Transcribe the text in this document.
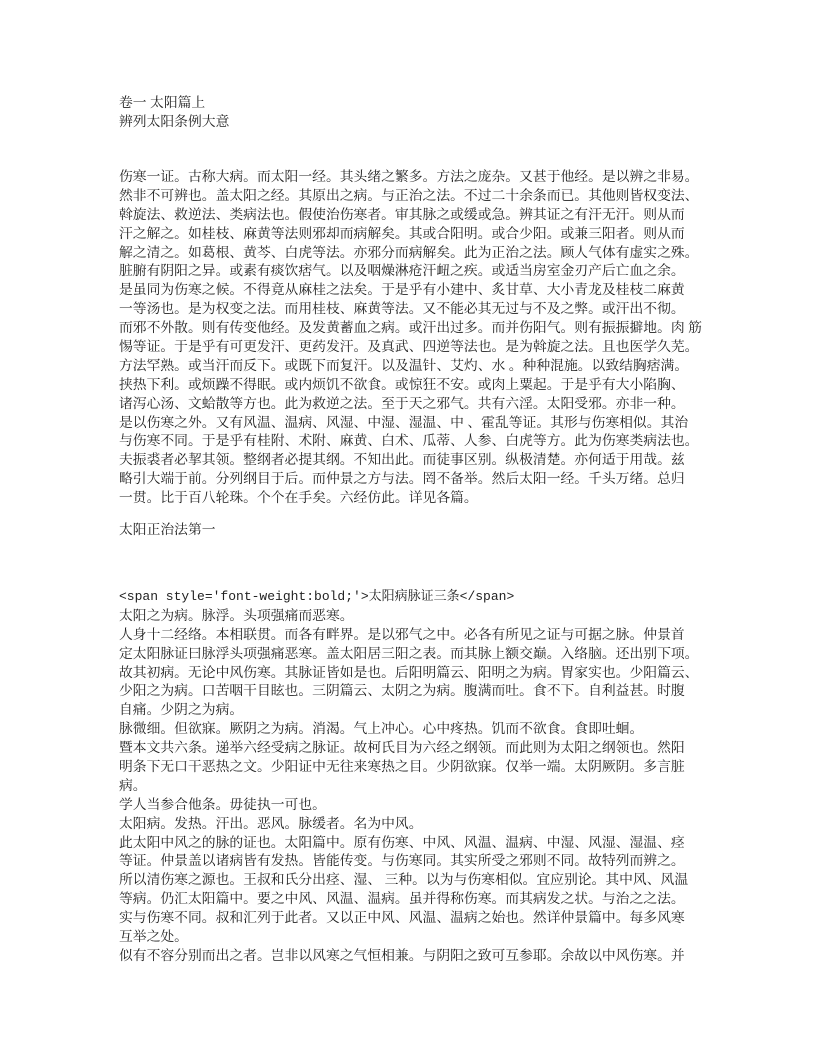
卷一 太阳篇上
辨列太阳条例大意
伤寒一证。古称大病。而太阳一经。其头绪之繁多。方法之庞杂。又甚于他经。是以辨之非易。
然非不可辨也。盖太阳之经。其原出之病。与正治之法。不过二十余条而已。其他则皆权变法、
斡旋法、救逆法、类病法也。假使治伤寒者。审其脉之或缓或急。辨其证之有汗无汗。则从而
汗之解之。如桂枝、麻黄等法则邪却而病解矣。其或合阳明。或合少阳。或兼三阳者。则从而
解之清之。如葛根、黄芩、白虎等法。亦邪分而病解矣。此为正治之法。顾人气体有虚实之殊。
脏腑有阴阳之异。或素有痰饮痞气。以及咽燥淋疮汗衄之疾。或适当房室金刃产后亡血之余。
是虽同为伤寒之候。不得竟从麻桂之法矣。于是乎有小建中、炙甘草、大小青龙及桂枝二麻黄
一等汤也。是为权变之法。而用桂枝、麻黄等法。又不能必其无过与不及之弊。或汗出不彻。
而邪不外散。则有传变他经。及发黄蓄血之病。或汗出过多。而并伤阳气。则有振振擗地。肉 筋
惕等证。于是乎有可更发汗、更药发汗。及真武、四逆等法也。是为斡旋之法。且也医学久芜。
方法罕熟。或当汗而反下。或既下而复汗。以及温针、艾灼、水 。种种混施。以致结胸痞满。
挟热下利。或烦躁不得眠。或内烦饥不欲食。或惊狂不安。或肉上粟起。于是乎有大小陷胸、
诸泻心汤、文蛤散等方也。此为救逆之法。至于天之邪气。共有六淫。太阳受邪。亦非一种。
是以伤寒之外。又有风温、温病、风湿、中湿、湿温、中 、霍乱等证。其形与伤寒相似。其治
与伤寒不同。于是乎有桂附、术附、麻黄、白术、瓜蒂、人参、白虎等方。此为伤寒类病法也。
夫振裘者必挈其领。整纲者必提其纲。不知出此。而徒事区别。纵极清楚。亦何适于用哉。兹
略引大端于前。分列纲目于后。而仲景之方与法。罔不备举。然后太阳一经。千头万绪。总归
一贯。比于百八轮珠。个个在手矣。六经仿此。详见各篇。
太阳正治法第一
<span style='font-weight:bold;'>太阳病脉证三条</span>
太阳之为病。脉浮。头项强痛而恶寒。
人身十二经络。本相联贯。而各有畔界。是以邪气之中。必各有所见之证与可据之脉。仲景首
定太阳脉证曰脉浮头项强痛恶寒。盖太阳居三阳之表。而其脉上额交巅。入络脑。还出别下项。
故其初病。无论中风伤寒。其脉证皆如是也。后阳明篇云、阳明之为病。胃家实也。少阳篇云、
少阳之为病。口苦咽干目眩也。三阴篇云、太阴之为病。腹满而吐。食不下。自利益甚。时腹
自痛。少阴之为病。
脉微细。但欲寐。厥阴之为病。消渴。气上冲心。心中疼热。饥而不欲食。食即吐蛔。
暨本文共六条。递举六经受病之脉证。故柯氏目为六经之纲领。而此则为太阳之纲领也。然阳
明条下无口干恶热之文。少阳证中无往来寒热之目。少阴欲寐。仅举一端。太阴厥阴。多言脏
病。
学人当参合他条。毋徒执一可也。
太阳病。发热。汗出。恶风。脉缓者。名为中风。
此太阳中风之的脉的证也。太阳篇中。原有伤寒、中风、风温、温病、中湿、风湿、湿温、痉
等证。仲景盖以诸病皆有发热。皆能传变。与伤寒同。其实所受之邪则不同。故特列而辨之。
所以清伤寒之源也。王叔和氏分出痉、湿、 三种。以为与伤寒相似。宜应别论。其中风、风温
等病。仍汇太阳篇中。要之中风、风温、温病。虽并得称伤寒。而其病发之状。与治之之法。
实与伤寒不同。叔和汇列于此者。又以正中风、风温、温病之始也。然详仲景篇中。每多风寒
互举之处。
似有不容分别而出之者。岂非以风寒之气恒相兼。与阴阳之致可互参耶。余故以中风伤寒。并
